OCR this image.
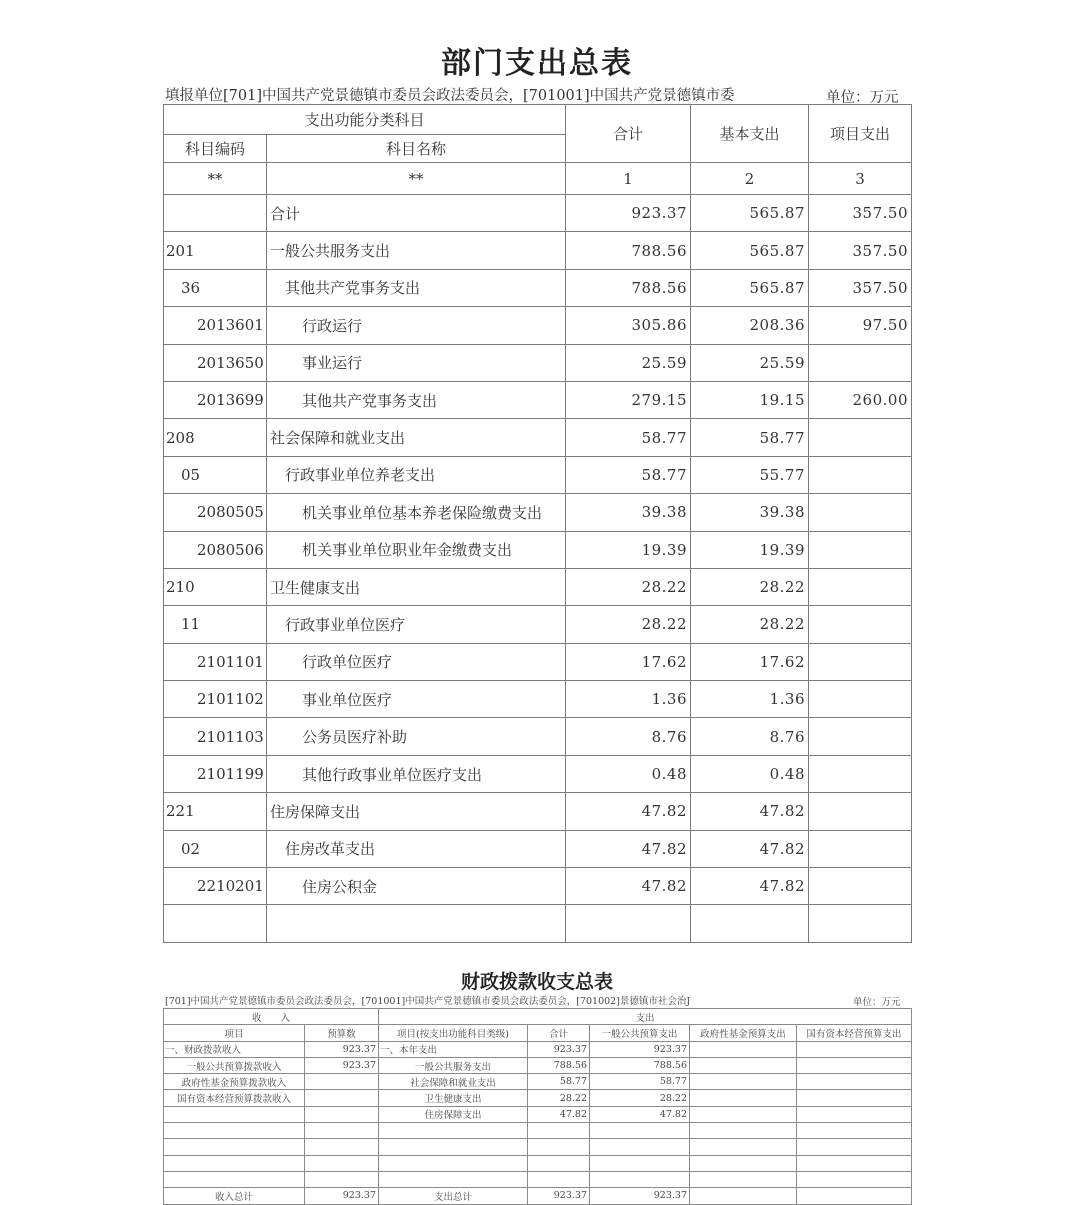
部门支出总表
填报单位[701]中国共产党景德镇市委员会政法委员会，[701001]中国共产党景德镇市委	单位：万元
支出功能分类科目		合计	基本支出	项目支出
科目编码	科目名称			
**	**	1	2	3
	合计	923.37	565.87	357.50
201	一般公共服务支出	788.56	565.87	357.50
36	其他共产党事务支出	788.56	565.87	357.50
2013601	行政运行	305.86	208.36	97.50
2013650	事业运行	25.59	25.59	
2013699	其他共产党事务支出	279.15	19.15	260.00
208	社会保障和就业支出	58.77	58.77	
05	行政事业单位养老支出	58.77	55.77	
2080505	机关事业单位基本养老保险缴费支出	39.38	39.38	
2080506	机关事业单位职业年金缴费支出	19.39	19.39	
210	卫生健康支出	28.22	28.22	
11	行政事业单位医疗	28.22	28.22	
2101101	行政单位医疗	17.62	17.62	
2101102	事业单位医疗	1.36	1.36	
2101103	公务员医疗补助	8.76	8.76	
2101199	其他行政事业单位医疗支出	0.48	0.48	
221	住房保障支出	47.82	47.82	
02	住房改革支出	47.82	47.82	
2210201	住房公积金	47.82	47.82	

财政拨款收支总表
[701]中国共产党景德镇市委员会政法委员会，[701001]中国共产党景德镇市委员会政法委员会，[701002]景德镇市社会治J	单位：万元
收　　入		支出				
项目	预算数	项目(按支出功能科目类级)	合计	一般公共预算支出	政府性基金预算支出	国有资本经营预算支出
一、财政拨款收入	923.37	一、本年支出	923.37	923.37		
一般公共预算拨款收入	923.37	一般公共服务支出	788.56	788.56		
政府性基金预算拨款收入		社会保障和就业支出	58.77	58.77		
国有资本经营预算拨款收入		卫生健康支出	28.22	28.22		
		住房保障支出	47.82	47.82		

收入总计	923.37	支出总计	923.37	923.37		
